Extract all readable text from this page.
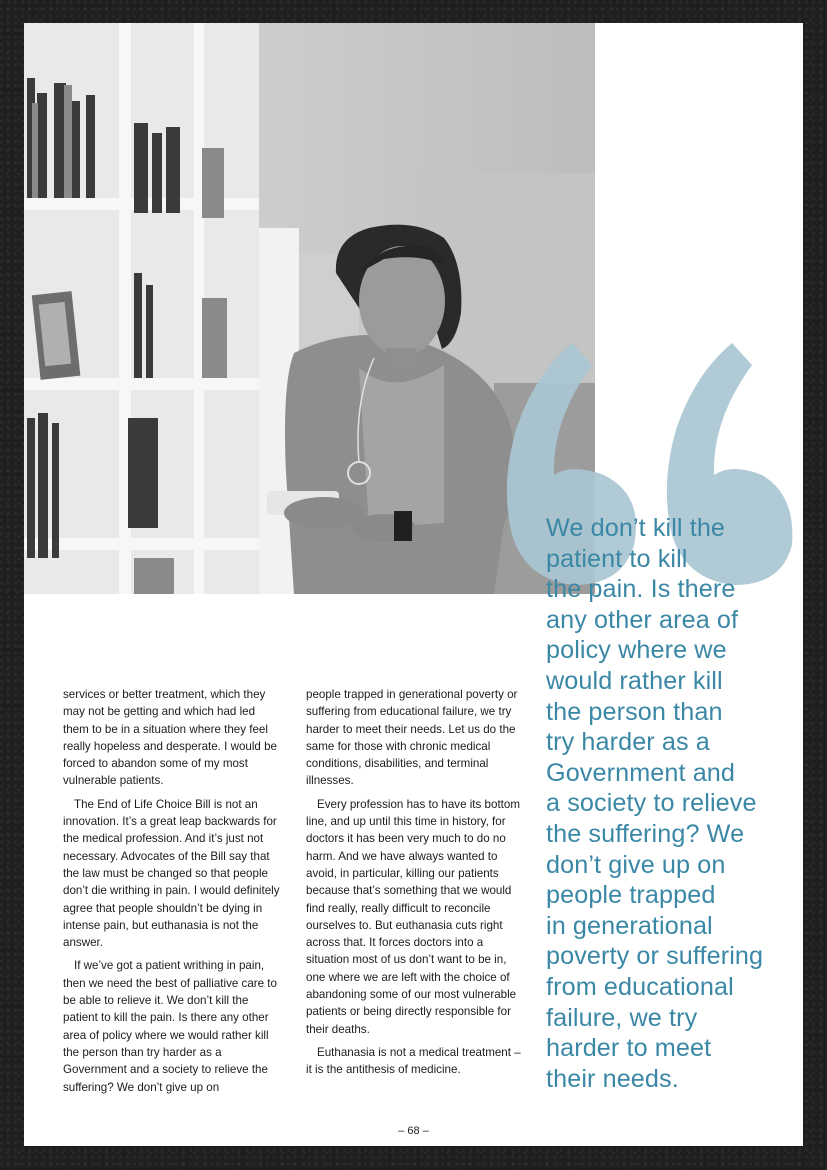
We don’t kill the
patient to kill
the pain. Is there
any other area of
policy where we
would rather kill
the person than
try harder as a
Government and
a society to relieve
the suffering? We
don’t give up on
people trapped
in generational
poverty or suffering
from educational
failure, we try
harder to meet
their needs.

services or better treatment, which they may not be getting and which had led them to be in a situation where they feel really hopeless and desperate. I would be forced to abandon some of my most vulnerable patients.

The End of Life Choice Bill is not an innovation. It’s a great leap backwards for the medical profession. And it’s just not necessary. Advocates of the Bill say that the law must be changed so that people don’t die writhing in pain. I would definitely agree that people shouldn’t be dying in intense pain, but euthanasia is not the answer.

If we’ve got a patient writhing in pain, then we need the best of palliative care to be able to relieve it. We don’t kill the patient to kill the pain. Is there any other area of policy where we would rather kill the person than try harder as a Government and a society to relieve the suffering? We don’t give up on

people trapped in generational poverty or suffering from educational failure, we try harder to meet their needs. Let us do the same for those with chronic medical conditions, disabilities, and terminal illnesses.

Every profession has to have its bottom line, and up until this time in history, for doctors it has been very much to do no harm. And we have always wanted to avoid, in particular, killing our patients because that’s something that we would find really, really difficult to reconcile ourselves to. But euthanasia cuts right across that. It forces doctors into a situation most of us don’t want to be in, one where we are left with the choice of abandoning some of our most vulnerable patients or being directly responsible for their deaths.

Euthanasia is not a medical treatment – it is the antithesis of medicine.

– 68 –
